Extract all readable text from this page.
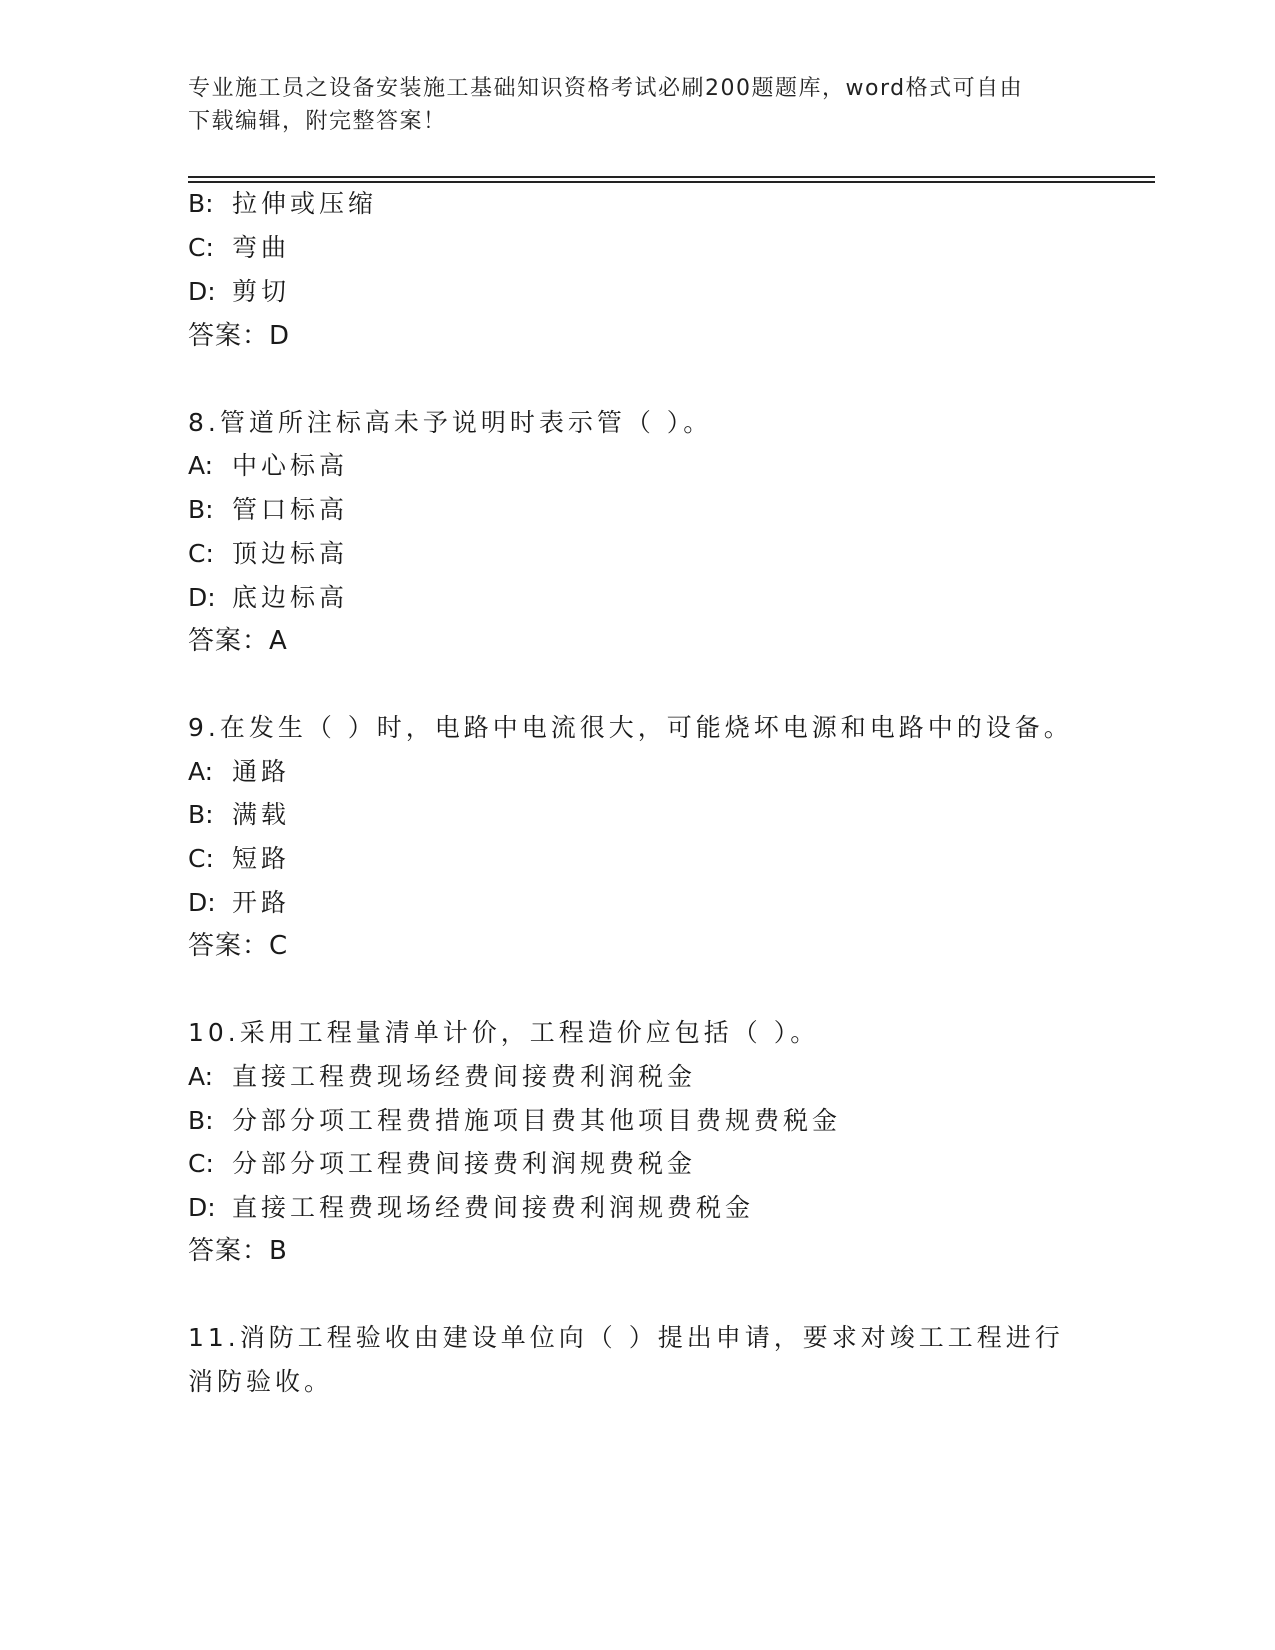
专业施工员之设备安装施工基础知识资格考试必刷200题题库，word格式可自由
下载编辑，附完整答案！
B: 拉伸或压缩
C: 弯曲
D: 剪切
答案：D
8.管道所注标高未予说明时表示管（ ）。
A: 中心标高
B: 管口标高
C: 顶边标高
D: 底边标高
答案：A
9.在发生（ ）时，电路中电流很大，可能烧坏电源和电路中的设备。
A: 通路
B: 满载
C: 短路
D: 开路
答案：C
10.采用工程量清单计价，工程造价应包括（ ）。
A: 直接工程费现场经费间接费利润税金
B: 分部分项工程费措施项目费其他项目费规费税金
C: 分部分项工程费间接费利润规费税金
D: 直接工程费现场经费间接费利润规费税金
答案：B
11.消防工程验收由建设单位向（ ）提出申请，要求对竣工工程进行
消防验收。
